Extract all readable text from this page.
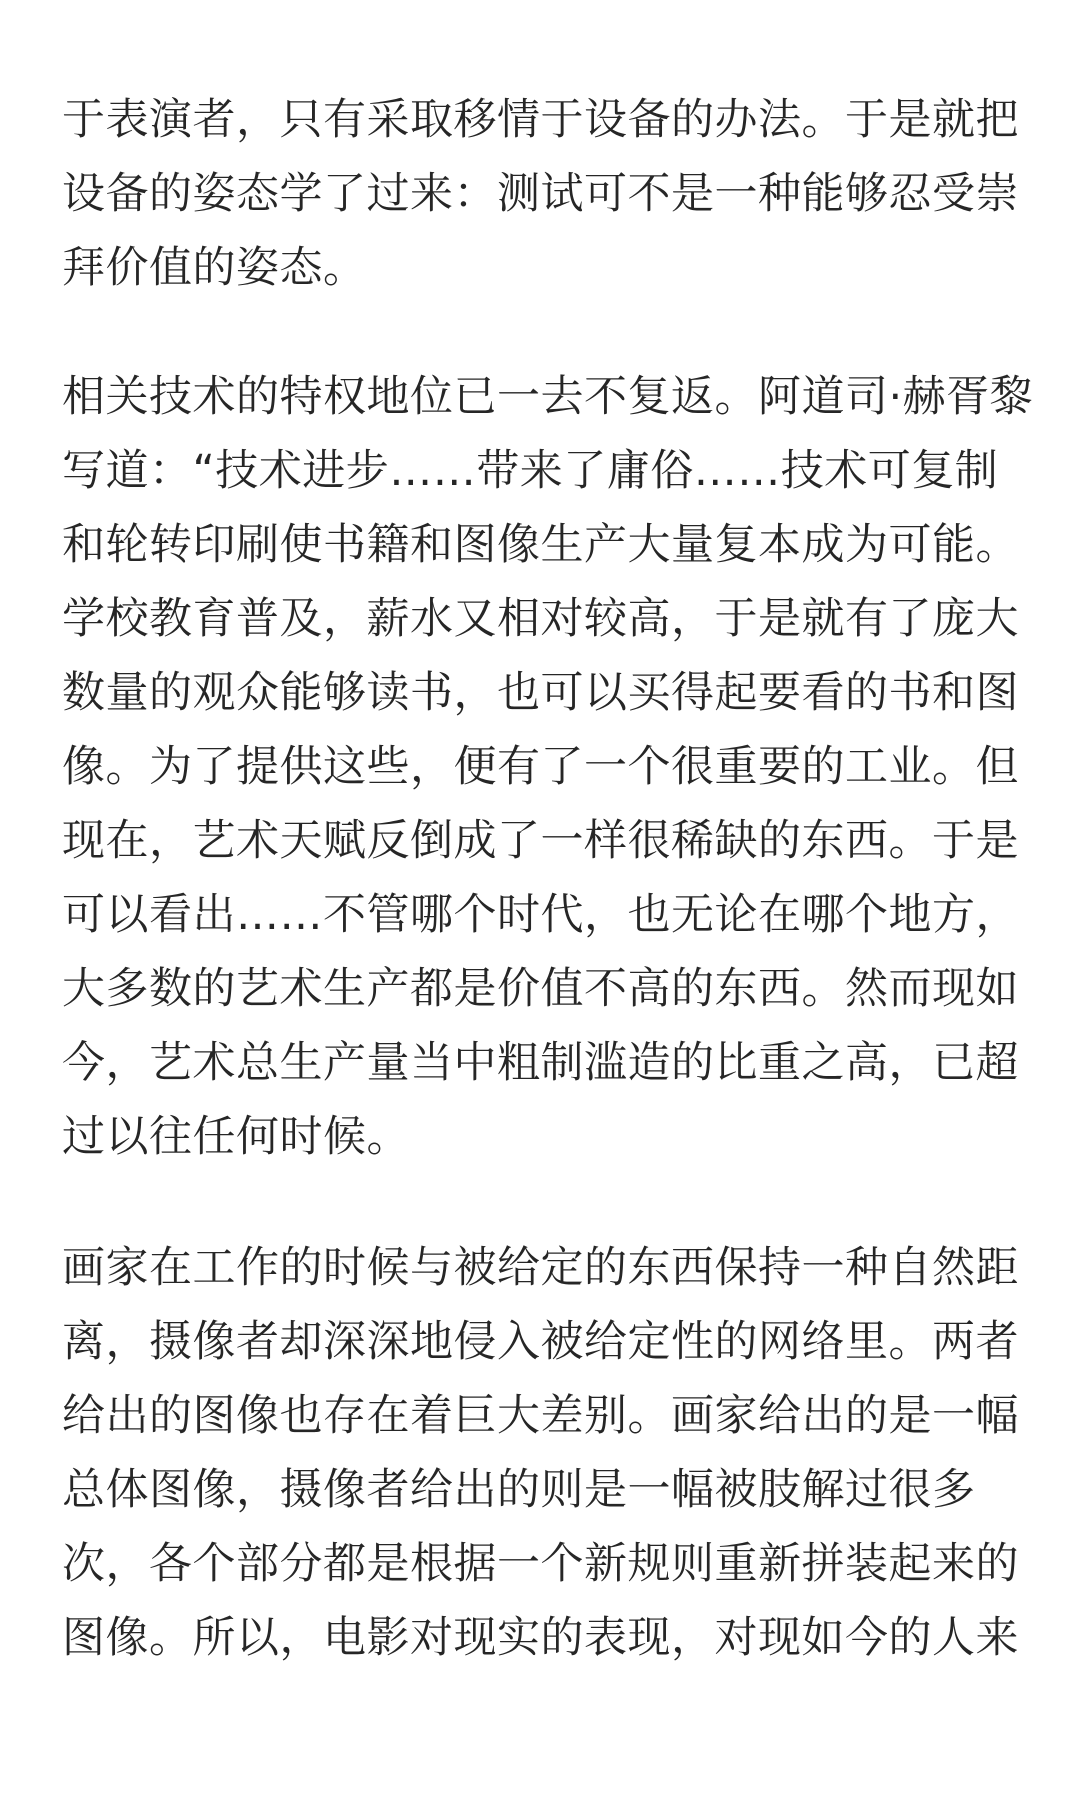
于表演者，只有采取移情于设备的办法。于是就把
设备的姿态学了过来：测试可不是一种能够忍受崇
拜价值的姿态。

相关技术的特权地位已一去不复返。阿道司·赫胥黎
写道：“技术进步……带来了庸俗……技术可复制
和轮转印刷使书籍和图像生产大量复本成为可能。
学校教育普及，薪水又相对较高，于是就有了庞大
数量的观众能够读书，也可以买得起要看的书和图
像。为了提供这些，便有了一个很重要的工业。但
现在，艺术天赋反倒成了一样很稀缺的东西。于是
可以看出……不管哪个时代，也无论在哪个地方，
大多数的艺术生产都是价值不高的东西。然而现如
今，艺术总生产量当中粗制滥造的比重之高，已超
过以往任何时候。

画家在工作的时候与被给定的东西保持一种自然距
离，摄像者却深深地侵入被给定性的网络里。两者
给出的图像也存在着巨大差别。画家给出的是一幅
总体图像，摄像者给出的则是一幅被肢解过很多
次，各个部分都是根据一个新规则重新拼装起来的
图像。所以，电影对现实的表现，对现如今的人来
